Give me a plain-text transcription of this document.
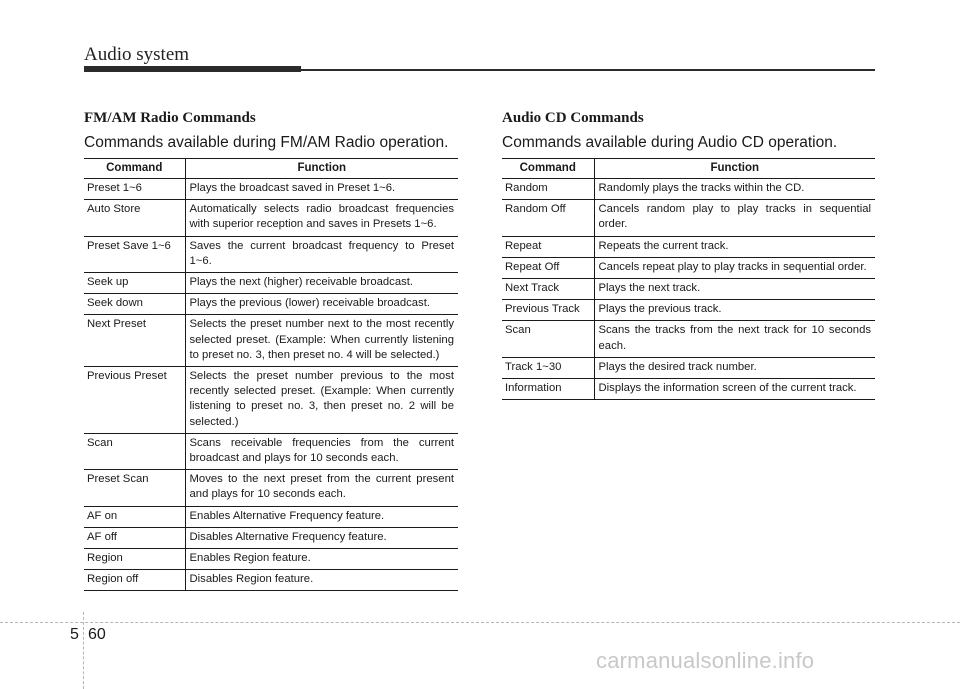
Audio system
FM/AM Radio Commands
Commands available during FM/AM Radio operation.
Command	Function
Preset 1~6	Plays the broadcast saved in Preset 1~6.
Auto Store	Automatically selects radio broadcast frequencies with superior reception and saves in Presets 1~6.
Preset Save 1~6	Saves the current broadcast frequency to Preset 1~6.
Seek up	Plays the next (higher) receivable broadcast.
Seek down	Plays the previous (lower) receivable broadcast.
Next Preset	Selects the preset number next to the most recently selected preset. (Example: When currently listening to preset no. 3, then preset no. 4 will be selected.)
Previous Preset	Selects the preset number previous to the most recently selected preset. (Example: When currently listening to preset no. 3, then preset no. 2 will be selected.)
Scan	Scans receivable frequencies from the current broadcast and plays for 10 seconds each.
Preset Scan	Moves to the next preset from the current present and plays for 10 seconds each.
AF on	Enables Alternative Frequency feature.
AF off	Disables Alternative Frequency feature.
Region	Enables Region feature.
Region off	Disables Region feature.
Audio CD Commands
Commands available during Audio CD operation.
Command	Function
Random	Randomly plays the tracks within the CD.
Random Off	Cancels random play to play tracks in sequential order.
Repeat	Repeats the current track.
Repeat Off	Cancels repeat play to play tracks in sequential order.
Next Track	Plays the next track.
Previous Track	Plays the previous track.
Scan	Scans the tracks from the next track for 10 seconds each.
Track 1~30	Plays the desired track number.
Information	Displays the information screen of the current track.
5 60
carmanualsonline.info
